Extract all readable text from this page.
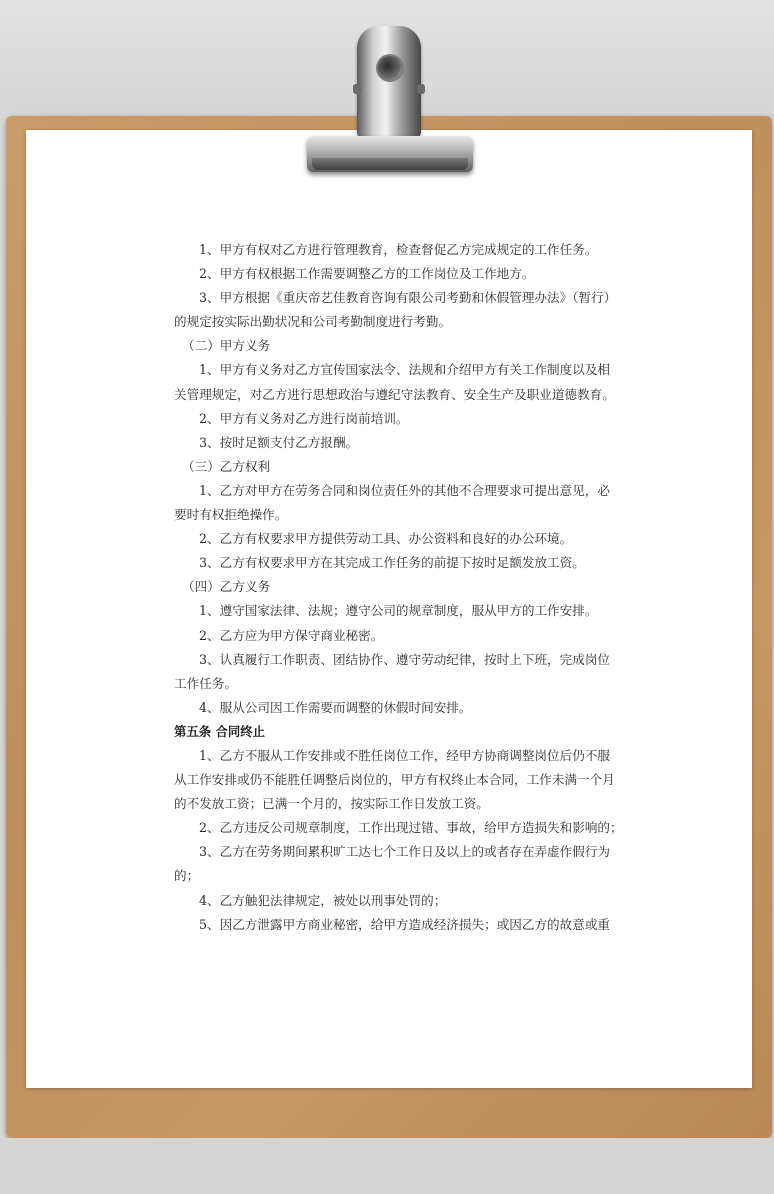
1、甲方有权对乙方进行管理教育，检查督促乙方完成规定的工作任务。
2、甲方有权根据工作需要调整乙方的工作岗位及工作地方。
3、甲方根据《重庆帝艺佳教育咨询有限公司考勤和休假管理办法》（暂行）
的规定按实际出勤状况和公司考勤制度进行考勤。
（二）甲方义务
1、甲方有义务对乙方宣传国家法令、法规和介绍甲方有关工作制度以及相
关管理规定，对乙方进行思想政治与遵纪守法教育、安全生产及职业道德教育。
2、甲方有义务对乙方进行岗前培训。
3、按时足额支付乙方报酬。
（三）乙方权利
1、乙方对甲方在劳务合同和岗位责任外的其他不合理要求可提出意见，必
要时有权拒绝操作。
2、乙方有权要求甲方提供劳动工具、办公资料和良好的办公环境。
3、乙方有权要求甲方在其完成工作任务的前提下按时足额发放工资。
（四）乙方义务
1、遵守国家法律、法规；遵守公司的规章制度，服从甲方的工作安排。
2、乙方应为甲方保守商业秘密。
3、认真履行工作职责、团结协作、遵守劳动纪律，按时上下班，完成岗位
工作任务。
4、服从公司因工作需要而调整的休假时间安排。
第五条 合同终止
1、乙方不服从工作安排或不胜任岗位工作，经甲方协商调整岗位后仍不服
从工作安排或仍不能胜任调整后岗位的，甲方有权终止本合同，工作未满一个月
的不发放工资；已满一个月的，按实际工作日发放工资。
2、乙方违反公司规章制度，工作出现过错、事故，给甲方造损失和影响的；
3、乙方在劳务期间累积旷工达七个工作日及以上的或者存在弄虚作假行为
的；
4、乙方触犯法律规定，被处以刑事处罚的；
5、因乙方泄露甲方商业秘密，给甲方造成经济损失；或因乙方的故意或重
